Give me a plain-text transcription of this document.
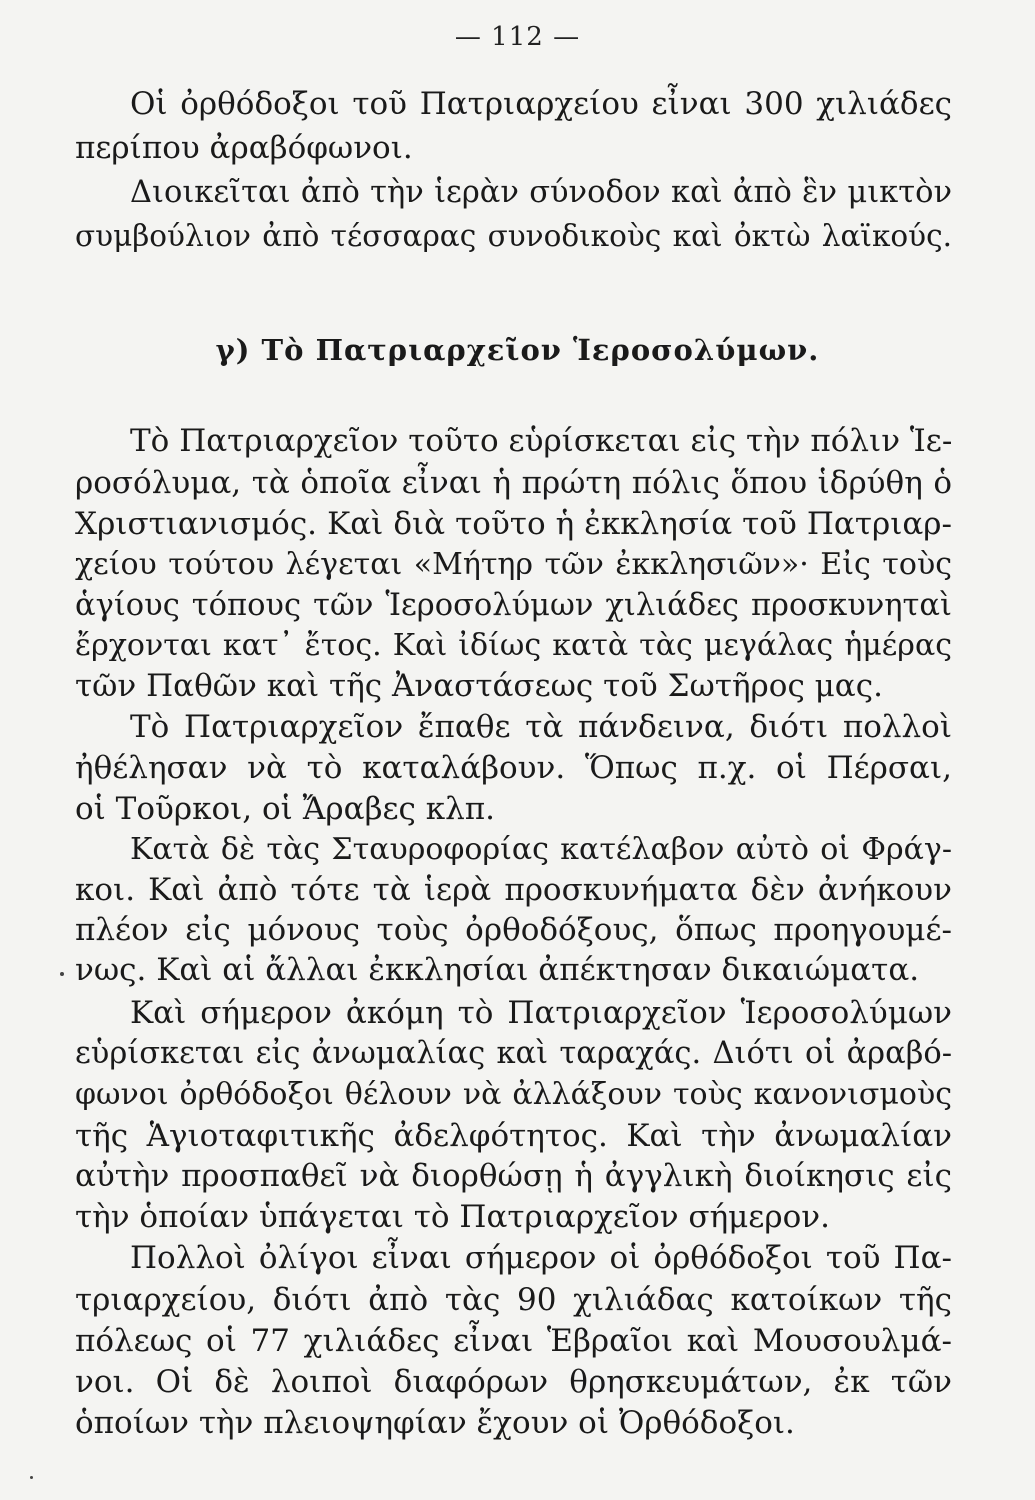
— 112 —
Οἱ ὀρθόδοξοι τοῦ Πατριαρχείου εἶναι 300 χιλιάδες
περίπου ἀραβόφωνοι.
Διοικεῖται ἀπὸ τὴν ἱερὰν σύνοδον καὶ ἀπὸ ἓν μικτὸν
συμβούλιον ἀπὸ τέσσαρας συνοδικοὺς καὶ ὀκτὼ λαϊκούς.
γ) Τὸ Πατριαρχεῖον Ἱεροσολύμων.
Τὸ Πατριαρχεῖον τοῦτο εὑρίσκεται εἰς τὴν πόλιν Ἱε-
ροσόλυμα, τὰ ὁποῖα εἶναι ἡ πρώτη πόλις ὅπου ἱδρύθη ὁ
Χριστιανισμός. Καὶ διὰ τοῦτο ἡ ἐκκλησία τοῦ Πατριαρ-
χείου τούτου λέγεται «Μήτηρ τῶν ἐκκλησιῶν»· Εἰς τοὺς
ἁγίους τόπους τῶν Ἱεροσολύμων χιλιάδες προσκυνηταὶ
ἔρχονται κατ᾽ ἔτος. Καὶ ἰδίως κατὰ τὰς μεγάλας ἡμέρας
τῶν Παθῶν καὶ τῆς Ἀναστάσεως τοῦ Σωτῆρος μας.
Τὸ Πατριαρχεῖον ἔπαθε τὰ πάνδεινα, διότι πολλοὶ
ἠθέλησαν νὰ τὸ καταλάβουν. Ὅπως π.χ. οἱ Πέρσαι,
οἱ Τοῦρκοι, οἱ Ἄραβες κλπ.
Κατὰ δὲ τὰς Σταυροφορίας κατέλαβον αὐτὸ οἱ Φράγ-
κοι. Καὶ ἀπὸ τότε τὰ ἱερὰ προσκυνήματα δὲν ἀνήκουν
πλέον εἰς μόνους τοὺς ὀρθοδόξους, ὅπως προηγουμέ-
νως. Καὶ αἱ ἄλλαι ἐκκλησίαι ἀπέκτησαν δικαιώματα.
Καὶ σήμερον ἀκόμη τὸ Πατριαρχεῖον Ἱεροσολύμων
εὑρίσκεται εἰς ἀνωμαλίας καὶ ταραχάς. Διότι οἱ ἀραβό-
φωνοι ὀρθόδοξοι θέλουν νὰ ἀλλάξουν τοὺς κανονισμοὺς
τῆς Ἁγιοταφιτικῆς ἀδελφότητος. Καὶ τὴν ἀνωμαλίαν
αὐτὴν προσπαθεῖ νὰ διορθώσῃ ἡ ἀγγλικὴ διοίκησις εἰς
τὴν ὁποίαν ὑπάγεται τὸ Πατριαρχεῖον σήμερον.
Πολλοὶ ὀλίγοι εἶναι σήμερον οἱ ὀρθόδοξοι τοῦ Πα-
τριαρχείου, διότι ἀπὸ τὰς 90 χιλιάδας κατοίκων τῆς
πόλεως οἱ 77 χιλιάδες εἶναι Ἑβραῖοι καὶ Μουσουλμά-
νοι. Οἱ δὲ λοιποὶ διαφόρων θρησκευμάτων, ἐκ τῶν
ὁποίων τὴν πλειοψηφίαν ἔχουν οἱ Ὀρθόδοξοι.
